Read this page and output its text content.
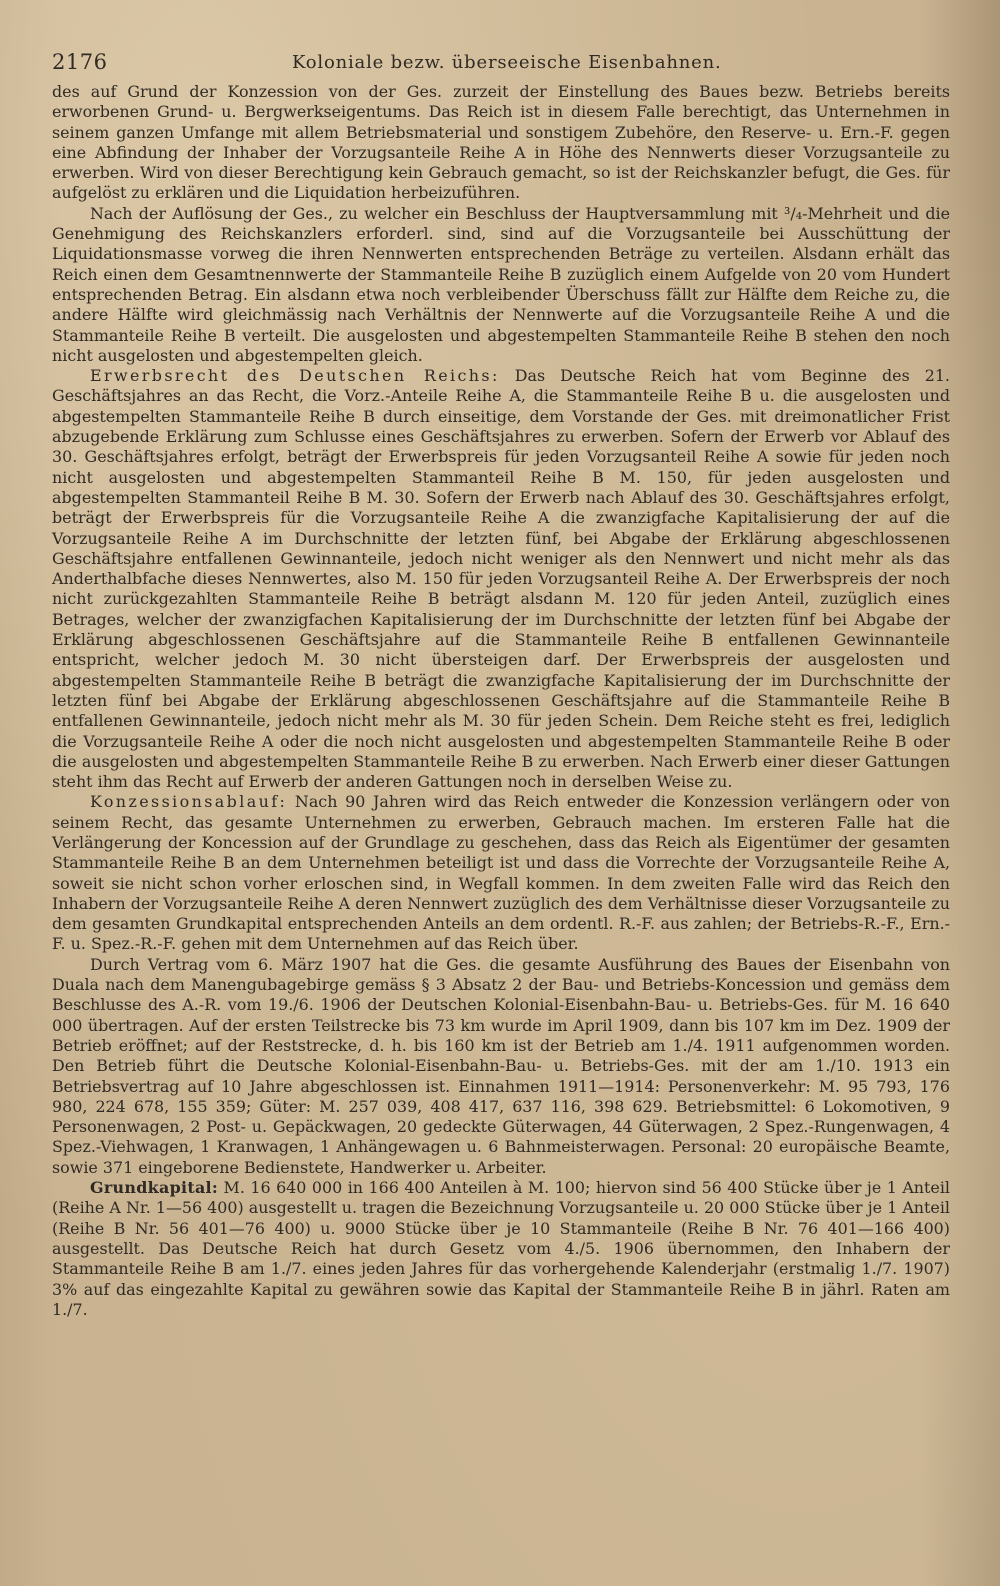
2176	Koloniale bezw. überseeische Eisenbahnen.

des auf Grund der Konzession von der Ges. zurzeit der Einstellung des Baues bezw. Betriebs bereits erworbenen Grund- u. Bergwerkseigentums. Das Reich ist in diesem Falle berechtigt, das Unternehmen in seinem ganzen Umfange mit allem Betriebsmaterial und sonstigem Zubehöre, den Reserve- u. Ern.-F. gegen eine Abfindung der Inhaber der Vorzugsanteile Reihe A in Höhe des Nennwerts dieser Vorzugsanteile zu erwerben. Wird von dieser Berechtigung kein Gebrauch gemacht, so ist der Reichskanzler befugt, die Ges. für aufgelöst zu erklären und die Liquidation herbeizuführen.

Nach der Auflösung der Ges., zu welcher ein Beschluss der Hauptversammlung mit ³/₄-Mehrheit und die Genehmigung des Reichskanzlers erforderl. sind, sind auf die Vorzugsanteile bei Ausschüttung der Liquidationsmasse vorweg die ihren Nennwerten entsprechenden Beträge zu verteilen. Alsdann erhält das Reich einen dem Gesamtnennwerte der Stammanteile Reihe B zuzüglich einem Aufgelde von 20 vom Hundert entsprechenden Betrag. Ein alsdann etwa noch verbleibender Überschuss fällt zur Hälfte dem Reiche zu, die andere Hälfte wird gleichmässig nach Verhältnis der Nennwerte auf die Vorzugsanteile Reihe A und die Stammanteile Reihe B verteilt. Die ausgelosten und abgestempelten Stammanteile Reihe B stehen den noch nicht ausgelosten und abgestempelten gleich.

Erwerbsrecht des Deutschen Reichs: Das Deutsche Reich hat vom Beginne des 21. Geschäftsjahres an das Recht, die Vorz.-Anteile Reihe A, die Stammanteile Reihe B u. die ausgelosten und abgestempelten Stammanteile Reihe B durch einseitige, dem Vorstande der Ges. mit dreimonatlicher Frist abzugebende Erklärung zum Schlusse eines Geschäftsjahres zu erwerben. Sofern der Erwerb vor Ablauf des 30. Geschäftsjahres erfolgt, beträgt der Erwerbspreis für jeden Vorzugsanteil Reihe A sowie für jeden noch nicht ausgelosten und abgestempelten Stammanteil Reihe B M. 150, für jeden ausgelosten und abgestempelten Stammanteil Reihe B M. 30. Sofern der Erwerb nach Ablauf des 30. Geschäftsjahres erfolgt, beträgt der Erwerbspreis für die Vorzugsanteile Reihe A die zwanzigfache Kapitalisierung der auf die Vorzugsanteile Reihe A im Durchschnitte der letzten fünf, bei Abgabe der Erklärung abgeschlossenen Geschäftsjahre entfallenen Gewinnanteile, jedoch nicht weniger als den Nennwert und nicht mehr als das Anderthalbfache dieses Nennwertes, also M. 150 für jeden Vorzugsanteil Reihe A. Der Erwerbspreis der noch nicht zurückgezahlten Stammanteile Reihe B beträgt alsdann M. 120 für jeden Anteil, zuzüglich eines Betrages, welcher der zwanzigfachen Kapitalisierung der im Durchschnitte der letzten fünf bei Abgabe der Erklärung abgeschlossenen Geschäftsjahre auf die Stammanteile Reihe B entfallenen Gewinnanteile entspricht, welcher jedoch M. 30 nicht übersteigen darf. Der Erwerbspreis der ausgelosten und abgestempelten Stammanteile Reihe B beträgt die zwanzigfache Kapitalisierung der im Durchschnitte der letzten fünf bei Abgabe der Erklärung abgeschlossenen Geschäftsjahre auf die Stammanteile Reihe B entfallenen Gewinnanteile, jedoch nicht mehr als M. 30 für jeden Schein. Dem Reiche steht es frei, lediglich die Vorzugsanteile Reihe A oder die noch nicht ausgelosten und abgestempelten Stammanteile Reihe B oder die ausgelosten und abgestempelten Stammanteile Reihe B zu erwerben. Nach Erwerb einer dieser Gattungen steht ihm das Recht auf Erwerb der anderen Gattungen noch in derselben Weise zu.

Konzessionsablauf: Nach 90 Jahren wird das Reich entweder die Konzession verlängern oder von seinem Recht, das gesamte Unternehmen zu erwerben, Gebrauch machen. Im ersteren Falle hat die Verlängerung der Koncession auf der Grundlage zu geschehen, dass das Reich als Eigentümer der gesamten Stammanteile Reihe B an dem Unternehmen beteiligt ist und dass die Vorrechte der Vorzugsanteile Reihe A, soweit sie nicht schon vorher erloschen sind, in Wegfall kommen. In dem zweiten Falle wird das Reich den Inhabern der Vorzugsanteile Reihe A deren Nennwert zuzüglich des dem Verhältnisse dieser Vorzugsanteile zu dem gesamten Grundkapital entsprechenden Anteils an dem ordentl. R.-F. aus zahlen; der Betriebs-R.-F., Ern.-F. u. Spez.-R.-F. gehen mit dem Unternehmen auf das Reich über.

Durch Vertrag vom 6. März 1907 hat die Ges. die gesamte Ausführung des Baues der Eisenbahn von Duala nach dem Manengubagebirge gemäss § 3 Absatz 2 der Bau- und Betriebs-Koncession und gemäss dem Beschlusse des A.-R. vom 19./6. 1906 der Deutschen Kolonial-Eisenbahn-Bau- u. Betriebs-Ges. für M. 16 640 000 übertragen. Auf der ersten Teilstrecke bis 73 km wurde im April 1909, dann bis 107 km im Dez. 1909 der Betrieb eröffnet; auf der Reststrecke, d. h. bis 160 km ist der Betrieb am 1./4. 1911 aufgenommen worden. Den Betrieb führt die Deutsche Kolonial-Eisenbahn-Bau- u. Betriebs-Ges. mit der am 1./10. 1913 ein Betriebsvertrag auf 10 Jahre abgeschlossen ist. Einnahmen 1911—1914: Personenverkehr: M. 95 793, 176 980, 224 678, 155 359; Güter: M. 257 039, 408 417, 637 116, 398 629. Betriebsmittel: 6 Lokomotiven, 9 Personenwagen, 2 Post- u. Gepäckwagen, 20 gedeckte Güterwagen, 44 Güterwagen, 2 Spez.-Rungenwagen, 4 Spez.-Viehwagen, 1 Kranwagen, 1 Anhängewagen u. 6 Bahnmeisterwagen. Personal: 20 europäische Beamte, sowie 371 eingeborene Bedienstete, Handwerker u. Arbeiter.

Grundkapital: M. 16 640 000 in 166 400 Anteilen à M. 100; hiervon sind 56 400 Stücke über je 1 Anteil (Reihe A Nr. 1—56 400) ausgestellt u. tragen die Bezeichnung Vorzugsanteile u. 20 000 Stücke über je 1 Anteil (Reihe B Nr. 56 401—76 400) u. 9000 Stücke über je 10 Stammanteile (Reihe B Nr. 76 401—166 400) ausgestellt. Das Deutsche Reich hat durch Gesetz vom 4./5. 1906 übernommen, den Inhabern der Stammanteile Reihe B am 1./7. eines jeden Jahres für das vorhergehende Kalenderjahr (erstmalig 1./7. 1907) 3% auf das eingezahlte Kapital zu gewähren sowie das Kapital der Stammanteile Reihe B in jährl. Raten am 1./7.
